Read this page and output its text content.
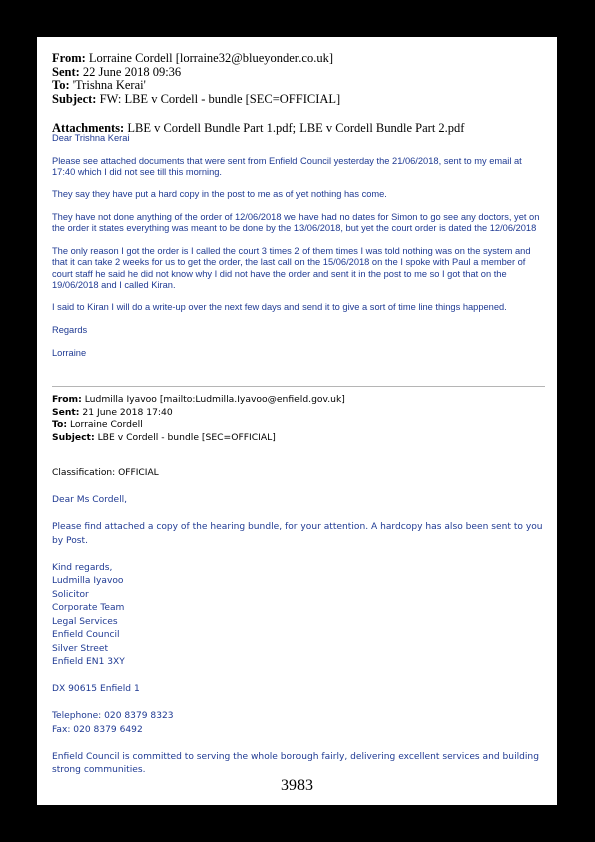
From: Lorraine Cordell [lorraine32@blueyonder.co.uk]
Sent: 22 June 2018 09:36
To: 'Trishna Kerai'
Subject: FW: LBE v Cordell - bundle [SEC=OFFICIAL]
Attachments: LBE v Cordell Bundle Part 1.pdf; LBE v Cordell Bundle Part 2.pdf

Dear Trishna Kerai

Please see attached documents that were sent from Enfield Council yesterday the 21/06/2018, sent to my email at 17:40 which I did not see till this morning.

They say they have put a hard copy in the post to me as of yet nothing has come.

They have not done anything of the order of 12/06/2018 we have had no dates for Simon to go see any doctors, yet on the order it states everything was meant to be done by the 13/06/2018, but yet the court order is dated the 12/06/2018

The only reason I got the order is I called the court 3 times 2 of them times I was told nothing was on the system and that it can take 2 weeks for us to get the order, the last call on the 15/06/2018 on the I spoke with Paul a member of court staff he said he did not know why I did not have the order and sent it in the post to me so I got that on the 19/06/2018 and I called Kiran.

I said to Kiran I will do a write-up over the next few days and send it to give a sort of time line things happened.

Regards

Lorraine

From: Ludmilla Iyavoo [mailto:Ludmilla.Iyavoo@enfield.gov.uk]
Sent: 21 June 2018 17:40
To: Lorraine Cordell
Subject: LBE v Cordell - bundle [SEC=OFFICIAL]

Classification: OFFICIAL

Dear Ms Cordell,

Please find attached a copy of the hearing bundle, for your attention. A hardcopy has also been sent to you by Post.

Kind regards,
Ludmilla Iyavoo
Solicitor
Corporate Team
Legal Services
Enfield Council
Silver Street
Enfield EN1 3XY

DX 90615 Enfield 1

Telephone: 020 8379 8323
Fax: 020 8379 6492

Enfield Council is committed to serving the whole borough fairly, delivering excellent services and building strong communities.

3983
